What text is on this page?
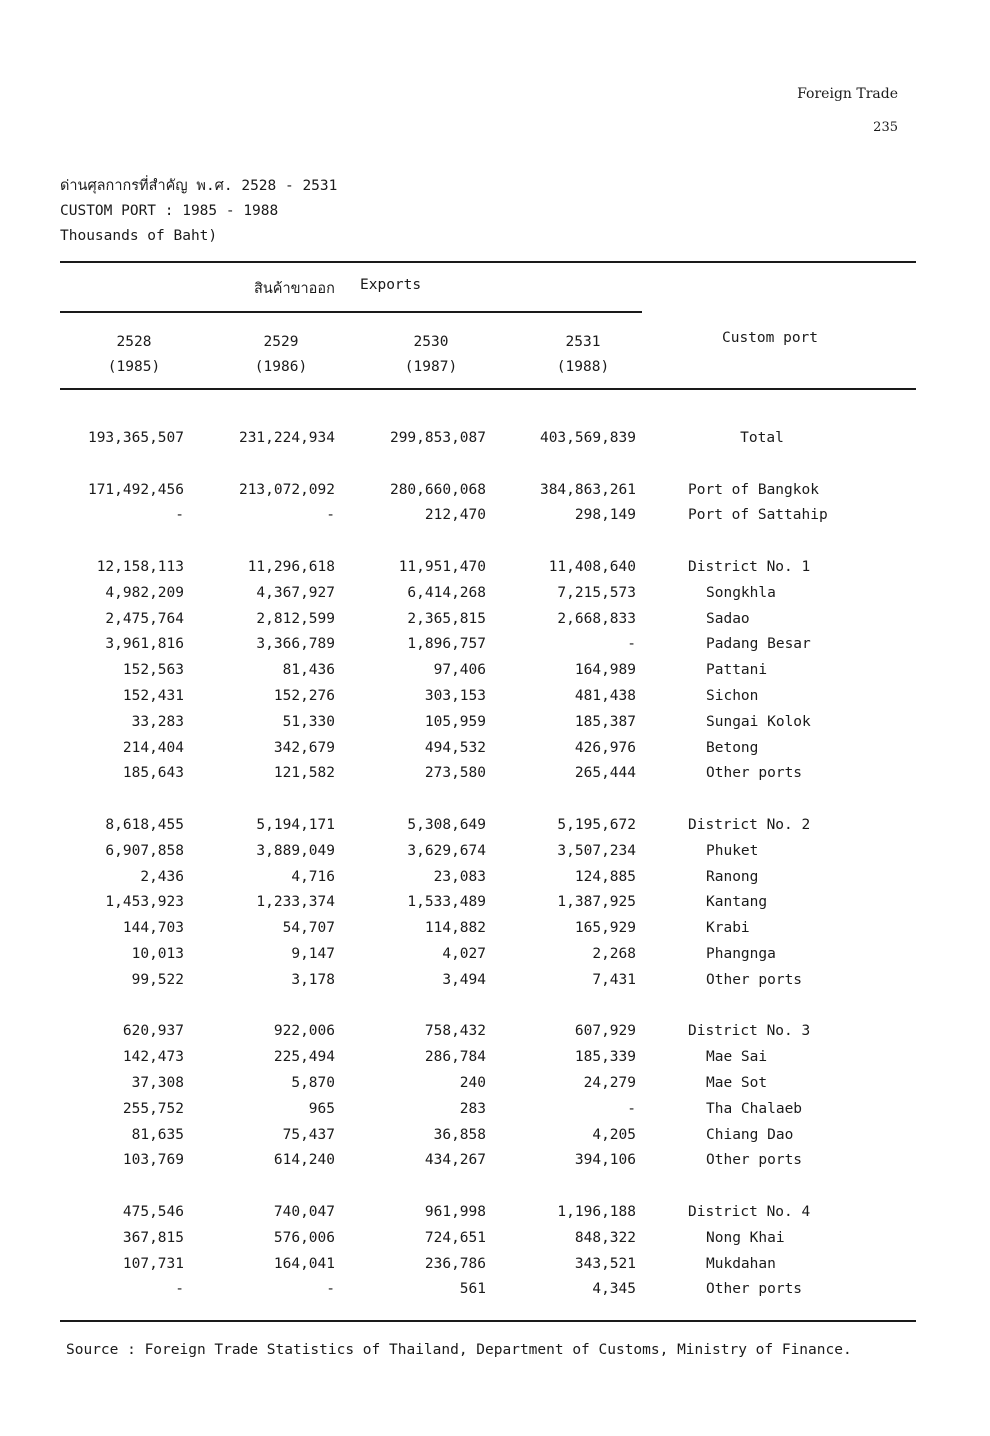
Foreign Trade
235
ด่านศุลกากรที่สำคัญ พ.ศ. 2528 - 2531
CUSTOM PORT : 1985 - 1988
Thousands of Baht)
สินค้าขาออก Exports
2528
(1985)
2529
(1986)
2530
(1987)
2531
(1988)
Custom port
193,365,507	231,224,934	299,853,087	403,569,839	Total
171,492,456	213,072,092	280,660,068	384,863,261	Port of Bangkok
-	-	212,470	298,149	Port of Sattahip
12,158,113	11,296,618	11,951,470	11,408,640	District No. 1
4,982,209	4,367,927	6,414,268	7,215,573	Songkhla
2,475,764	2,812,599	2,365,815	2,668,833	Sadao
3,961,816	3,366,789	1,896,757	-	Padang Besar
152,563	81,436	97,406	164,989	Pattani
152,431	152,276	303,153	481,438	Sichon
33,283	51,330	105,959	185,387	Sungai Kolok
214,404	342,679	494,532	426,976	Betong
185,643	121,582	273,580	265,444	Other ports
8,618,455	5,194,171	5,308,649	5,195,672	District No. 2
6,907,858	3,889,049	3,629,674	3,507,234	Phuket
2,436	4,716	23,083	124,885	Ranong
1,453,923	1,233,374	1,533,489	1,387,925	Kantang
144,703	54,707	114,882	165,929	Krabi
10,013	9,147	4,027	2,268	Phangnga
99,522	3,178	3,494	7,431	Other ports
620,937	922,006	758,432	607,929	District No. 3
142,473	225,494	286,784	185,339	Mae Sai
37,308	5,870	240	24,279	Mae Sot
255,752	965	283	-	Tha Chalaeb
81,635	75,437	36,858	4,205	Chiang Dao
103,769	614,240	434,267	394,106	Other ports
475,546	740,047	961,998	1,196,188	District No. 4
367,815	576,006	724,651	848,322	Nong Khai
107,731	164,041	236,786	343,521	Mukdahan
-	-	561	4,345	Other ports
Source : Foreign Trade Statistics of Thailand, Department of Customs, Ministry of Finance.
